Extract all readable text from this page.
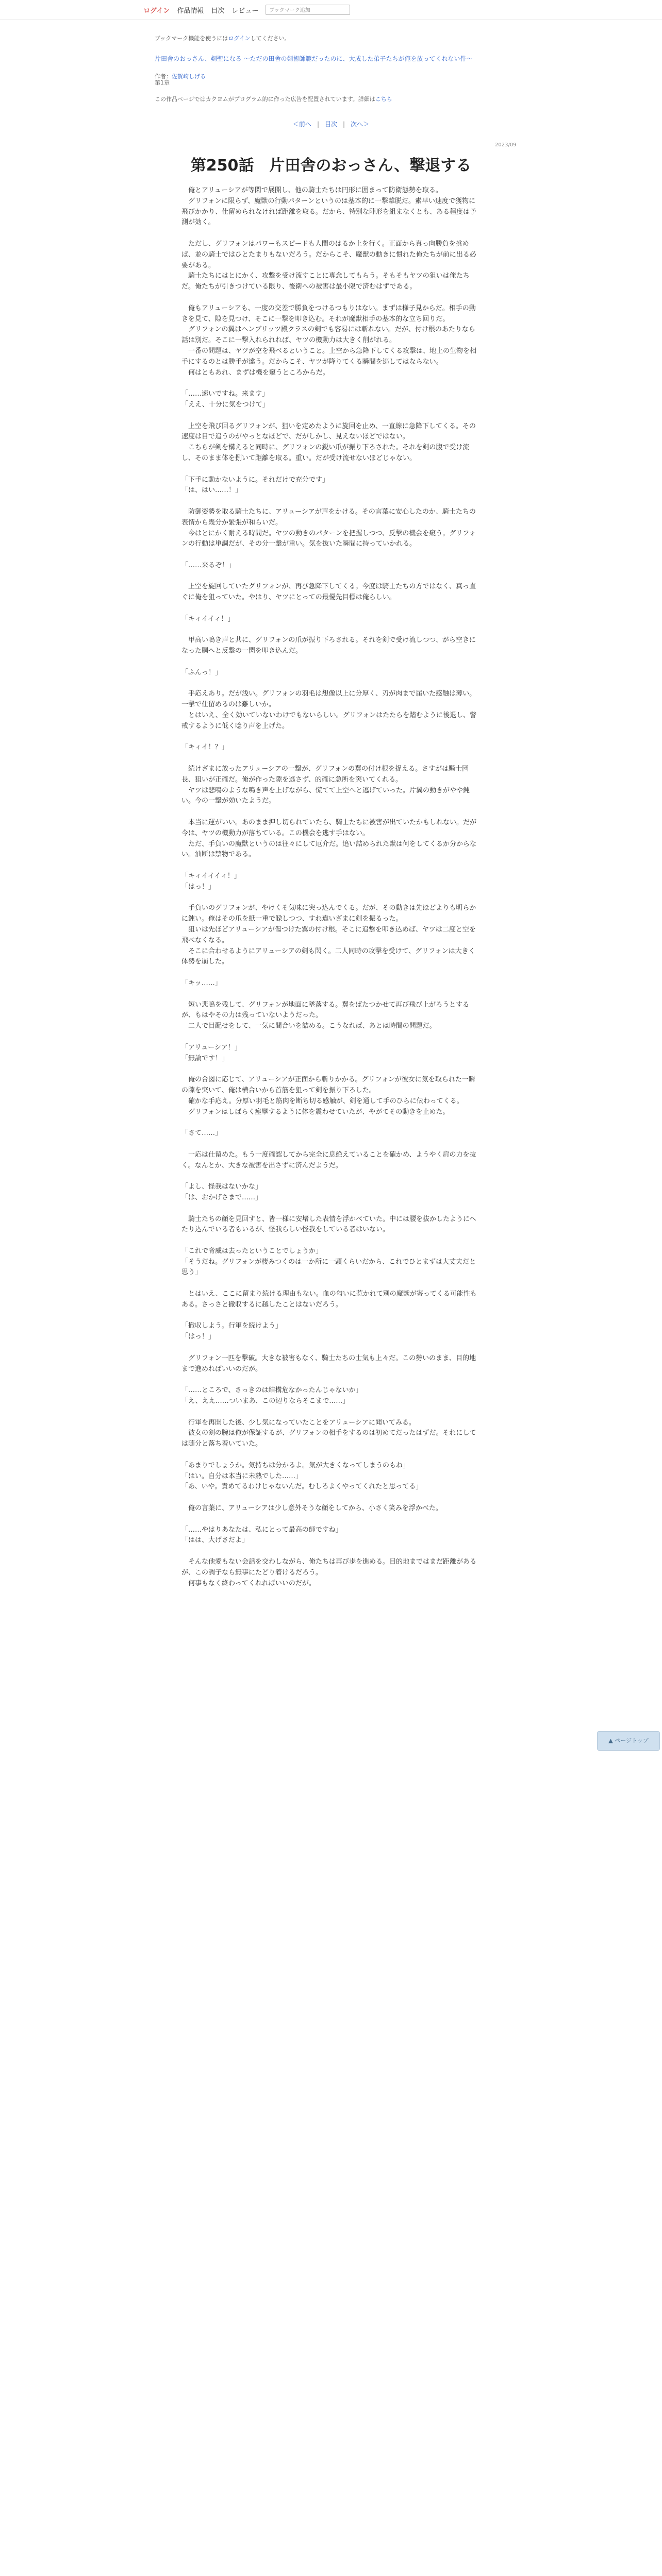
ログイン 作品情報 目次 レビュー	ブックマーク追加
ブックマーク機能を使うにはログインしてください。
片田舎のおっさん、剣聖になる ～ただの田舎の剣術師範だったのに、大成した弟子たちが俺を放ってくれない件～
作者：佐賀崎しげる
第1章
この作品ページではカクヨムがプログラム的に作った広告を配置されています。詳細はこちら
＜前へ | 目次 | 次へ＞
2023/09
第250話　片田舎のおっさん、撃退する

俺とアリューシアが等閑で展開し、他の騎士たちは円形に囲まって防衛態勢を取る。

グリフォンに限らず、魔獣の行動パターンというのは基本的に一撃離脱だ。素早い速度で獲物に飛びかかり、仕留められなければ距離を取る。だから、特別な陣形を組まなくとも、ある程度は予測が効く。

ただし、グリフォンはパワーもスピードも人間のはるか上を行く。正面から真っ向勝負を挑めば、並の騎士ではひとたまりもないだろう。だからこそ、魔獣の動きに慣れた俺たちが前に出る必要がある。

騎士たちにはとにかく、攻撃を受け流すことに専念してもらう。そもそもヤツの狙いは俺たちだ。俺たちが引きつけている限り、後衛への被害は最小限で済むはずである。

俺もアリューシアも、一度の交差で勝負をつけるつもりはない。まずは様子見からだ。相手の動きを見て、隙を見つけ、そこに一撃を叩き込む。それが魔獣相手の基本的な立ち回りだ。

グリフォンの翼はヘンブリッツ殿クラスの剣でも容易には斬れない。だが、付け根のあたりなら話は別だ。そこに一撃入れられれば、ヤツの機動力は大きく削がれる。

一番の問題は、ヤツが空を飛べるということ。上空から急降下してくる攻撃は、地上の生物を相手にするのとは勝手が違う。だからこそ、ヤツが降りてくる瞬間を逃してはならない。

何はともあれ、まずは機を窺うところからだ。

「……速いですね。来ます」

「ええ、十分に気をつけて」

上空を飛び回るグリフォンが、狙いを定めたように旋回を止め、一直線に急降下してくる。その速度は目で追うのがやっとなほどで、だがしかし、見えないほどではない。

こちらが剣を構えると同時に、グリフォンの鋭い爪が振り下ろされた。それを剣の腹で受け流し、そのまま体を捌いて距離を取る。重い。だが受け流せないほどじゃない。

「下手に動かないように。それだけで充分です」

「は、はい……！」

防御姿勢を取る騎士たちに、アリューシアが声をかける。その言葉に安心したのか、騎士たちの表情から幾分か緊張が和らいだ。

今はとにかく耐える時間だ。ヤツの動きのパターンを把握しつつ、反撃の機会を窺う。グリフォンの行動は単調だが、その分一撃が重い。気を抜いた瞬間に持っていかれる。

「……来るぞ！」

上空を旋回していたグリフォンが、再び急降下してくる。今度は騎士たちの方ではなく、真っ直ぐに俺を狙っていた。やはり、ヤツにとっての最優先目標は俺らしい。

「キィイイィ！」

甲高い鳴き声と共に、グリフォンの爪が振り下ろされる。それを剣で受け流しつつ、がら空きになった胴へと反撃の一閃を叩き込んだ。

「ふんっ！」

手応えあり。だが浅い。グリフォンの羽毛は想像以上に分厚く、刃が肉まで届いた感触は薄い。一撃で仕留めるのは難しいか。

とはいえ、全く効いていないわけでもないらしい。グリフォンはたたらを踏むように後退し、警戒するように低く唸り声を上げた。

「キィイ！？」

続けざまに放ったアリューシアの一撃が、グリフォンの翼の付け根を捉える。さすがは騎士団長、狙いが正確だ。俺が作った隙を逃さず、的確に急所を突いてくれる。

ヤツは悲鳴のような鳴き声を上げながら、慌てて上空へと逃げていった。片翼の動きがやや鈍い。今の一撃が効いたようだ。

本当に運がいい。あのまま押し切られていたら、騎士たちに被害が出ていたかもしれない。だが今は、ヤツの機動力が落ちている。この機会を逃す手はない。

ただ、手負いの魔獣というのは往々にして厄介だ。追い詰められた獣は何をしてくるか分からない。油断は禁物である。

「キィイイイィ！」

「はっ！」

手負いのグリフォンが、やけくそ気味に突っ込んでくる。だが、その動きは先ほどよりも明らかに鈍い。俺はその爪を紙一重で躱しつつ、すれ違いざまに剣を振るった。

狙いは先ほどアリューシアが傷つけた翼の付け根。そこに追撃を叩き込めば、ヤツは二度と空を飛べなくなる。

そこに合わせるようにアリューシアの剣も閃く。二人同時の攻撃を受けて、グリフォンは大きく体勢を崩した。

「キッ……」

短い悲鳴を残して、グリフォンが地面に墜落する。翼をばたつかせて再び飛び上がろうとするが、もはやその力は残っていないようだった。

二人で目配せをして、一気に間合いを詰める。こうなれば、あとは時間の問題だ。

「アリューシア！」

「無論です！」

俺の合図に応じて、アリューシアが正面から斬りかかる。グリフォンが彼女に気を取られた一瞬の隙を突いて、俺は横合いから首筋を狙って剣を振り下ろした。

確かな手応え。分厚い羽毛と筋肉を断ち切る感触が、剣を通して手のひらに伝わってくる。

グリフォンはしばらく痙攣するように体を震わせていたが、やがてその動きを止めた。

「さて……」

一応は仕留めた。もう一度確認してから完全に息絶えていることを確かめ、ようやく肩の力を抜く。なんとか、大きな被害を出さずに済んだようだ。

「よし、怪我はないかな」

「は、おかげさまで……」

騎士たちの顔を見回すと、皆一様に安堵した表情を浮かべていた。中には腰を抜かしたようにへたり込んでいる者もいるが、怪我らしい怪我をしている者はいない。

「これで脅威は去ったということでしょうか」

「そうだね。グリフォンが棲みつくのは一か所に一頭くらいだから、これでひとまずは大丈夫だと思う」

とはいえ、ここに留まり続ける理由もない。血の匂いに惹かれて別の魔獣が寄ってくる可能性もある。さっさと撤収するに越したことはないだろう。

「撤収しよう。行軍を続けよう」

「はっ！」

グリフォン一匹を撃破。大きな被害もなく、騎士たちの士気も上々だ。この勢いのまま、目的地まで進めればいいのだが。

「……ところで、さっきのは結構危なかったんじゃないか」

「え、ええ……ついまあ、この辺りならそこまで……」

行軍を再開した後、少し気になっていたことをアリューシアに聞いてみる。

彼女の剣の腕は俺が保証するが、グリフォンの相手をするのは初めてだったはずだ。それにしては随分と落ち着いていた。

「あまりでしょうか。気持ちは分かるよ。気が大きくなってしまうのもね」

「はい。自分は本当に未熟でした……」

「あ、いや。責めてるわけじゃないんだ。むしろよくやってくれたと思ってる」

俺の言葉に、アリューシアは少し意外そうな顔をしてから、小さく笑みを浮かべた。

「……やはりあなたは、私にとって最高の師ですね」

「はは、大げさだよ」

そんな他愛もない会話を交わしながら、俺たちは再び歩を進める。目的地まではまだ距離があるが、この調子なら無事にたどり着けるだろう。

何事もなく終わってくれればいいのだが。

▲ ページトップ
